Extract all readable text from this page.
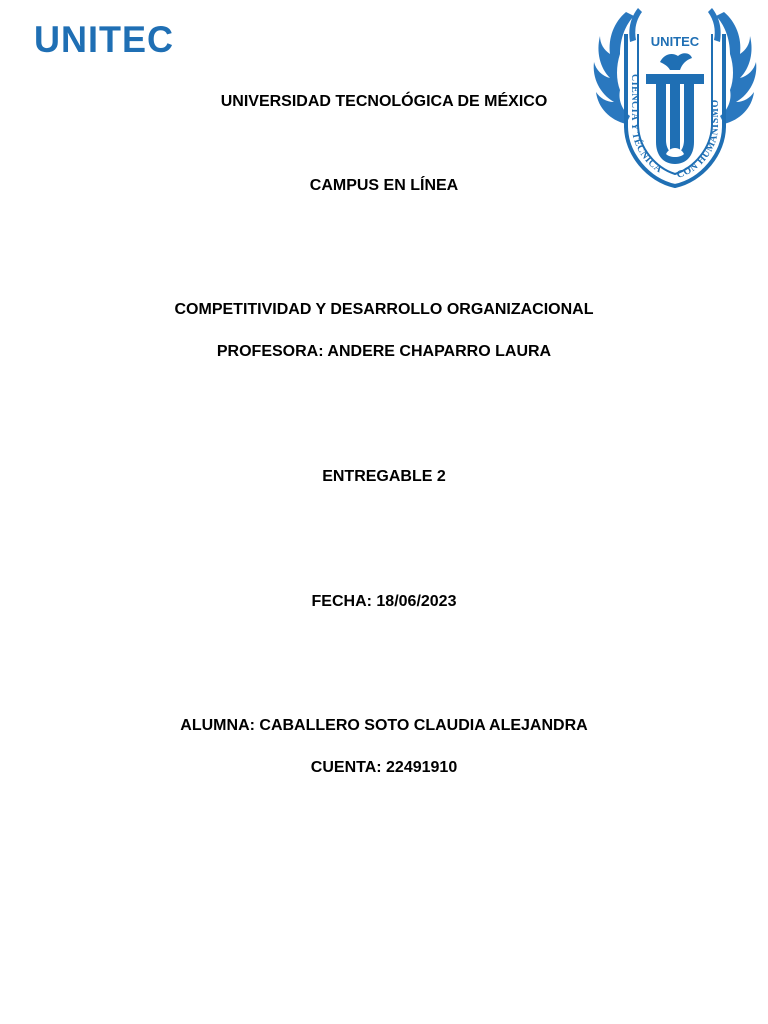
UNITEC
CIENCIA Y TÉCNICA CON HUMANISMO
UNITEC
UNIVERSIDAD TECNOLÓGICA DE MÉXICO
CAMPUS EN LÍNEA
COMPETITIVIDAD Y DESARROLLO ORGANIZACIONAL
PROFESORA: ANDERE CHAPARRO LAURA
ENTREGABLE 2
FECHA: 18/06/2023
ALUMNA: CABALLERO SOTO CLAUDIA ALEJANDRA
CUENTA: 22491910
